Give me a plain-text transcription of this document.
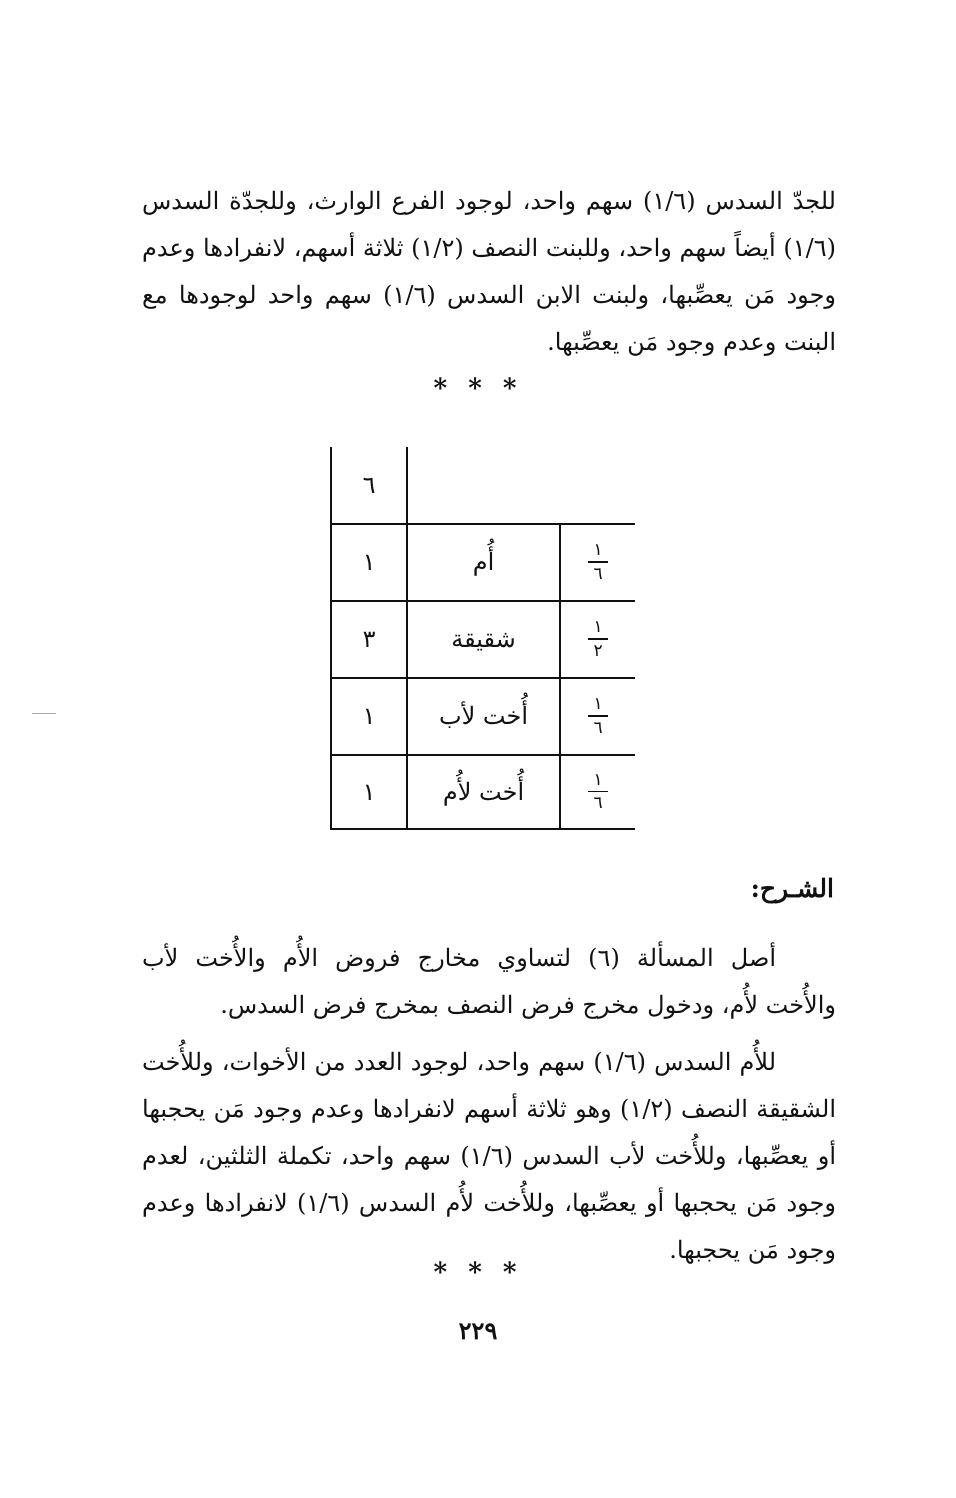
للجدّ السدس (١/٦) سهم واحد، لوجود الفرع الوارث، وللجدّة السدس (١/٦) أيضاً سهم واحد، وللبنت النصف (١/٢) ثلاثة أسهم، لانفرادها وعدم وجود مَن يعصِّبها، ولبنت الابن السدس (١/٦) سهم واحد لوجودها مع البنت وعدم وجود مَن يعصِّبها.

* * *
٦
١	أُم	$\frac{١}{٦}$
٣	شقيقة	$\frac{١}{٢}$
١	أُخت لأب	$\frac{١}{٦}$
١	أُخت لأُم	$\frac{١}{٦}$
الشـرح:

أصل المسألة (٦) لتساوي مخارج فروض الأُم والأُخت لأب والأُخت لأُم، ودخول مخرج فرض النصف بمخرج فرض السدس.

للأُم السدس (١/٦) سهم واحد، لوجود العدد من الأخوات، وللأُخت الشقيقة النصف (١/٢) وهو ثلاثة أسهم لانفرادها وعدم وجود مَن يحجبها أو يعصِّبها، وللأُخت لأب السدس (١/٦) سهم واحد، تكملة الثلثين، لعدم وجود مَن يحجبها أو يعصِّبها، وللأُخت لأُم السدس (١/٦) لانفرادها وعدم وجود مَن يحجبها.

* * *
٢٢٩
